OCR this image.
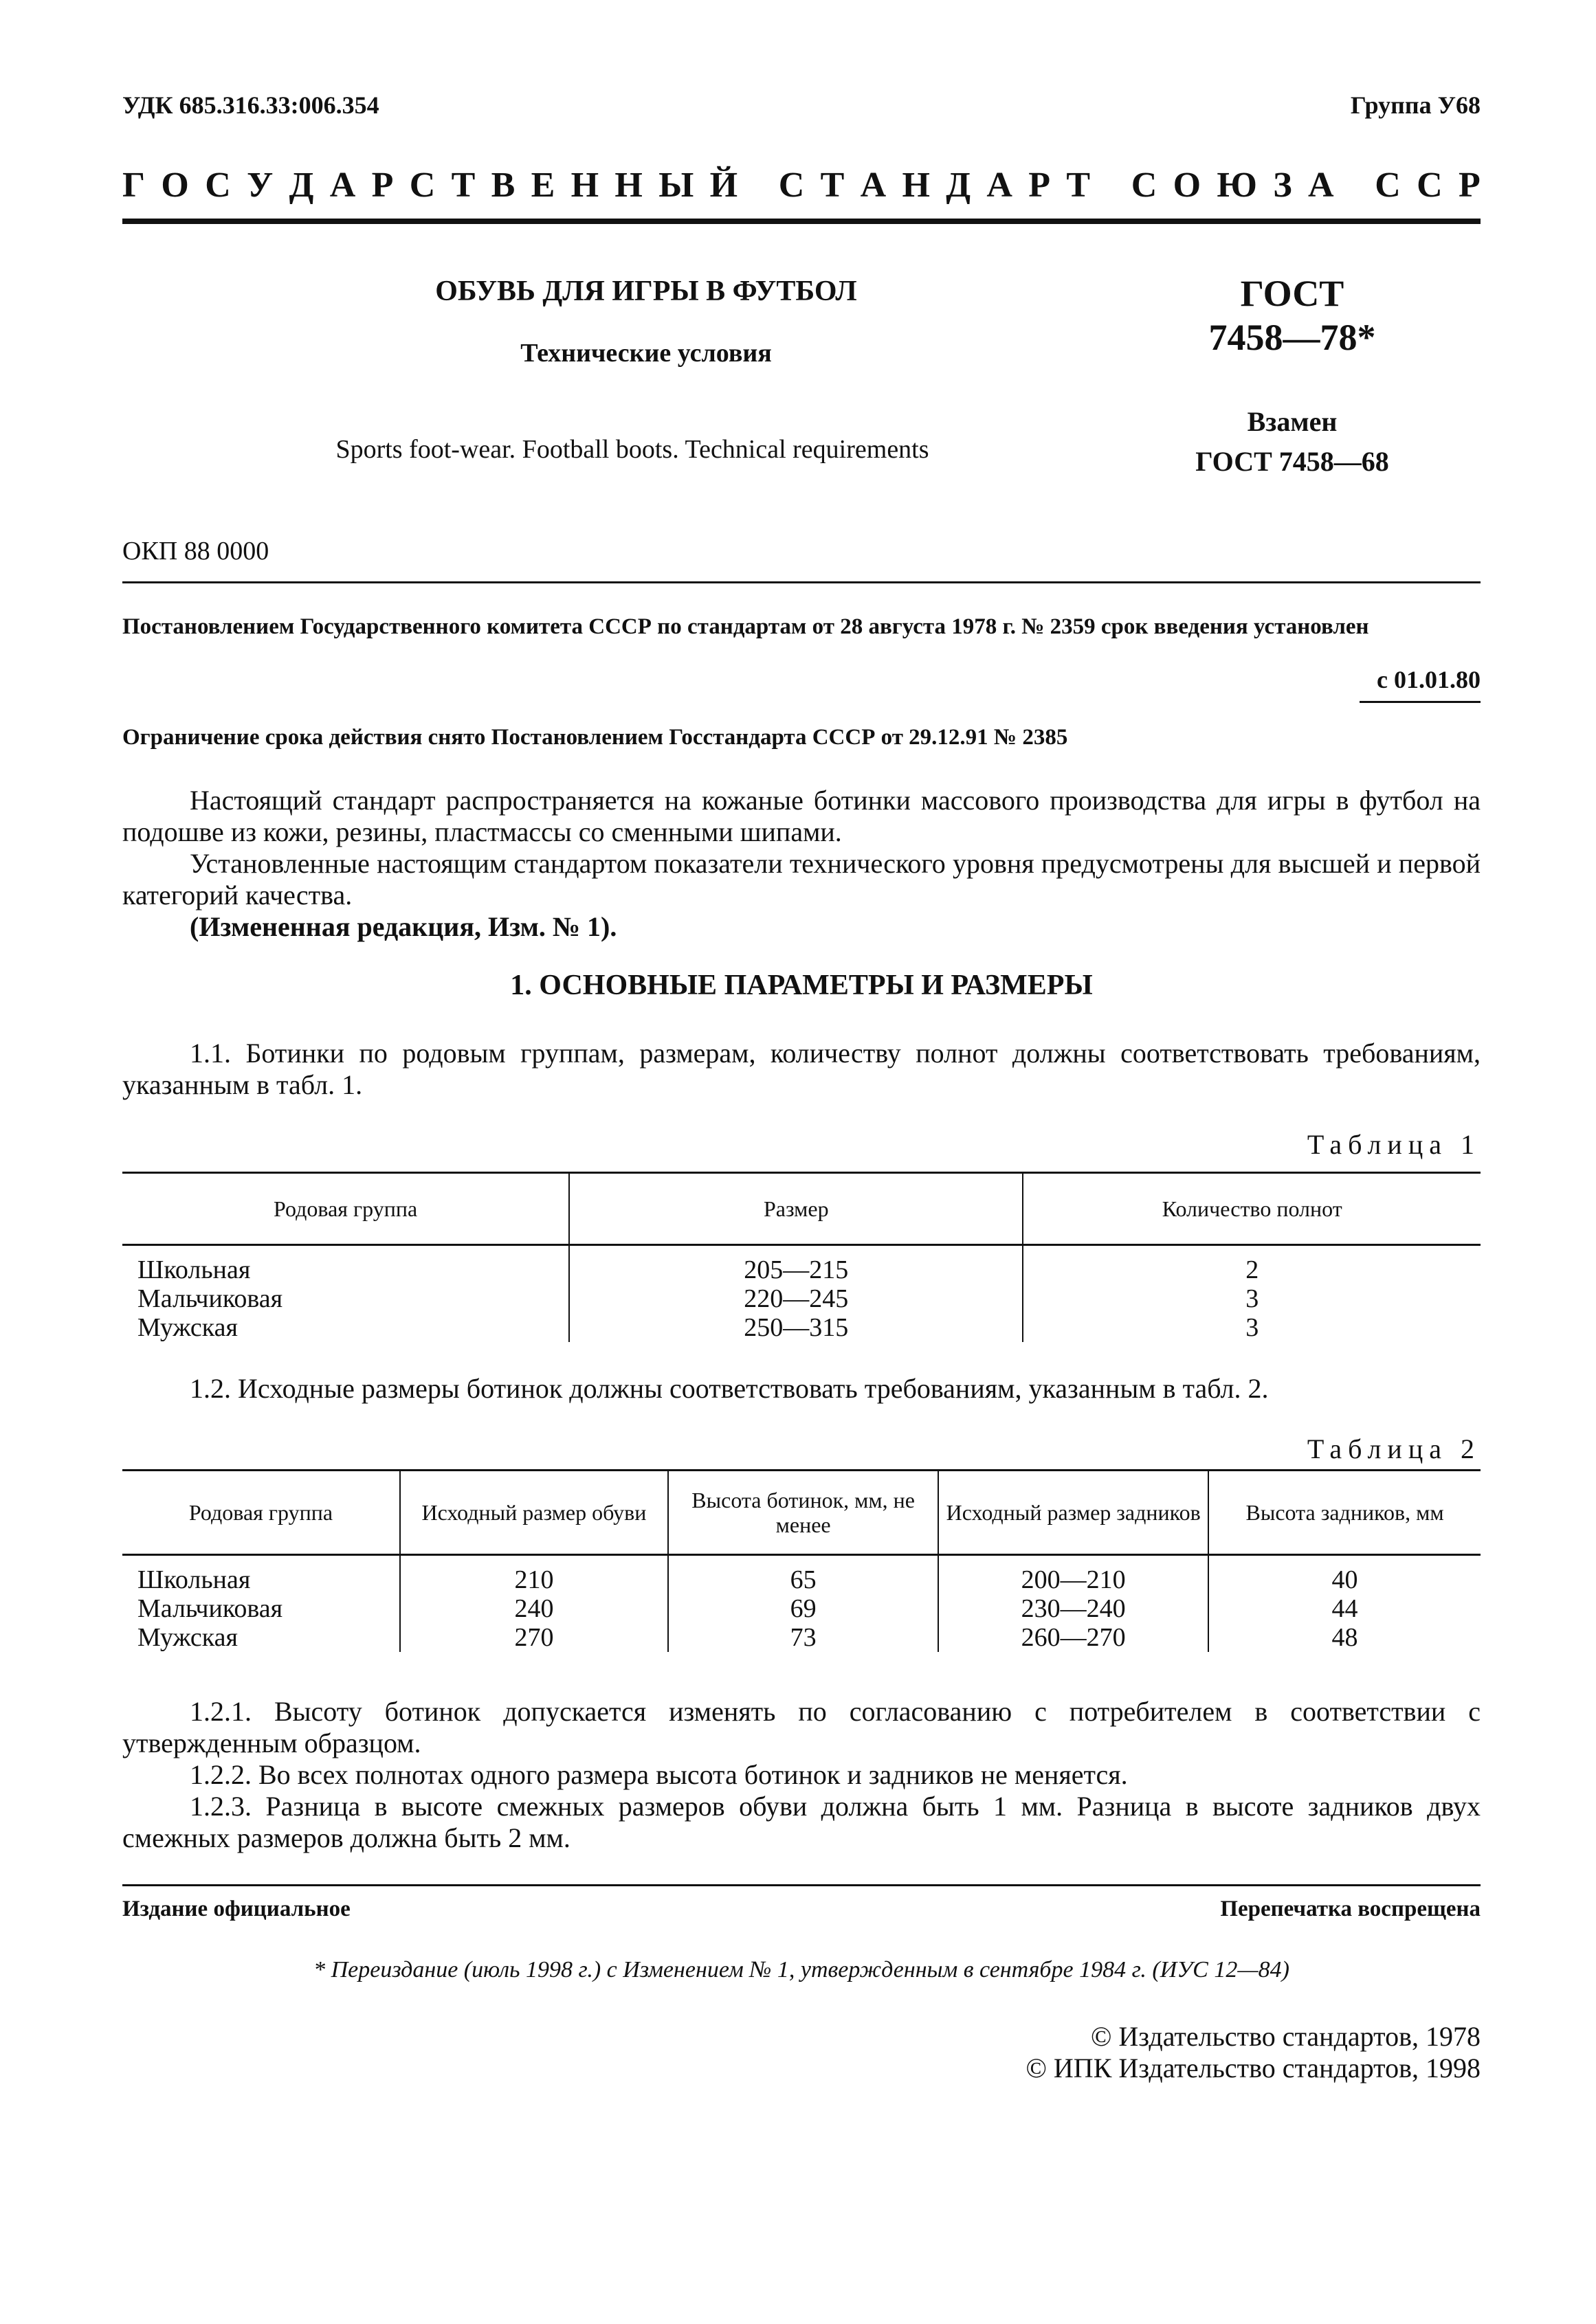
УДК 685.316.33:006.354	Группа У68
Г О С У Д А Р С Т В Е Н Н Ы Й
С Т А Н Д А Р Т
С О Ю З А
С С Р
ОБУВЬ ДЛЯ ИГРЫ В ФУТБОЛ
Технические условия
Sports foot-wear. Football boots. Technical requirements
ГОСТ
7458—78*
Взамен
ГОСТ 7458—68
ОКП 88 0000
Постановлением Государственного комитета СССР по стандартам от 28 августа 1978 г. № 2359 срок введения установлен
с 01.01.80
Ограничение срока действия снято Постановлением Госстандарта СССР от 29.12.91 № 2385
Настоящий стандарт распространяется на кожаные ботинки массового производства для игры в футбол на подошве из кожи, резины, пластмассы со сменными шипами.
Установленные настоящим стандартом показатели технического уровня предусмотрены для высшей и первой категорий качества.
(Измененная редакция, Изм. № 1).
1. ОСНОВНЫЕ ПАРАМЕТРЫ И РАЗМЕРЫ
1.1. Ботинки по родовым группам, размерам, количеству полнот должны соответствовать требованиям, указанным в табл. 1.
Таблица 1
Родовая группа	Размер	Количество полнот
Школьная	205—215	2
Мальчиковая	220—245	3
Мужская	250—315	3
1.2. Исходные размеры ботинок должны соответствовать требованиям, указанным в табл. 2.
Таблица 2
Родовая группа	Исходный размер обуви	Высота ботинок, мм, не менее	Исходный размер задников	Высота задников, мм
Школьная	210	65	200—210	40
Мальчиковая	240	69	230—240	44
Мужская	270	73	260—270	48
1.2.1. Высоту ботинок допускается изменять по согласованию с потребителем в соответствии с утвержденным образцом.
1.2.2. Во всех полнотах одного размера высота ботинок и задников не меняется.
1.2.3. Разница в высоте смежных размеров обуви должна быть 1 мм. Разница в высоте задников двух смежных размеров должна быть 2 мм.
Издание официальное	Перепечатка воспрещена
* Переиздание (июль 1998 г.) с Изменением № 1, утвержденным в сентябре 1984 г. (ИУС 12—84)
© Издательство стандартов, 1978
© ИПК Издательство стандартов, 1998
